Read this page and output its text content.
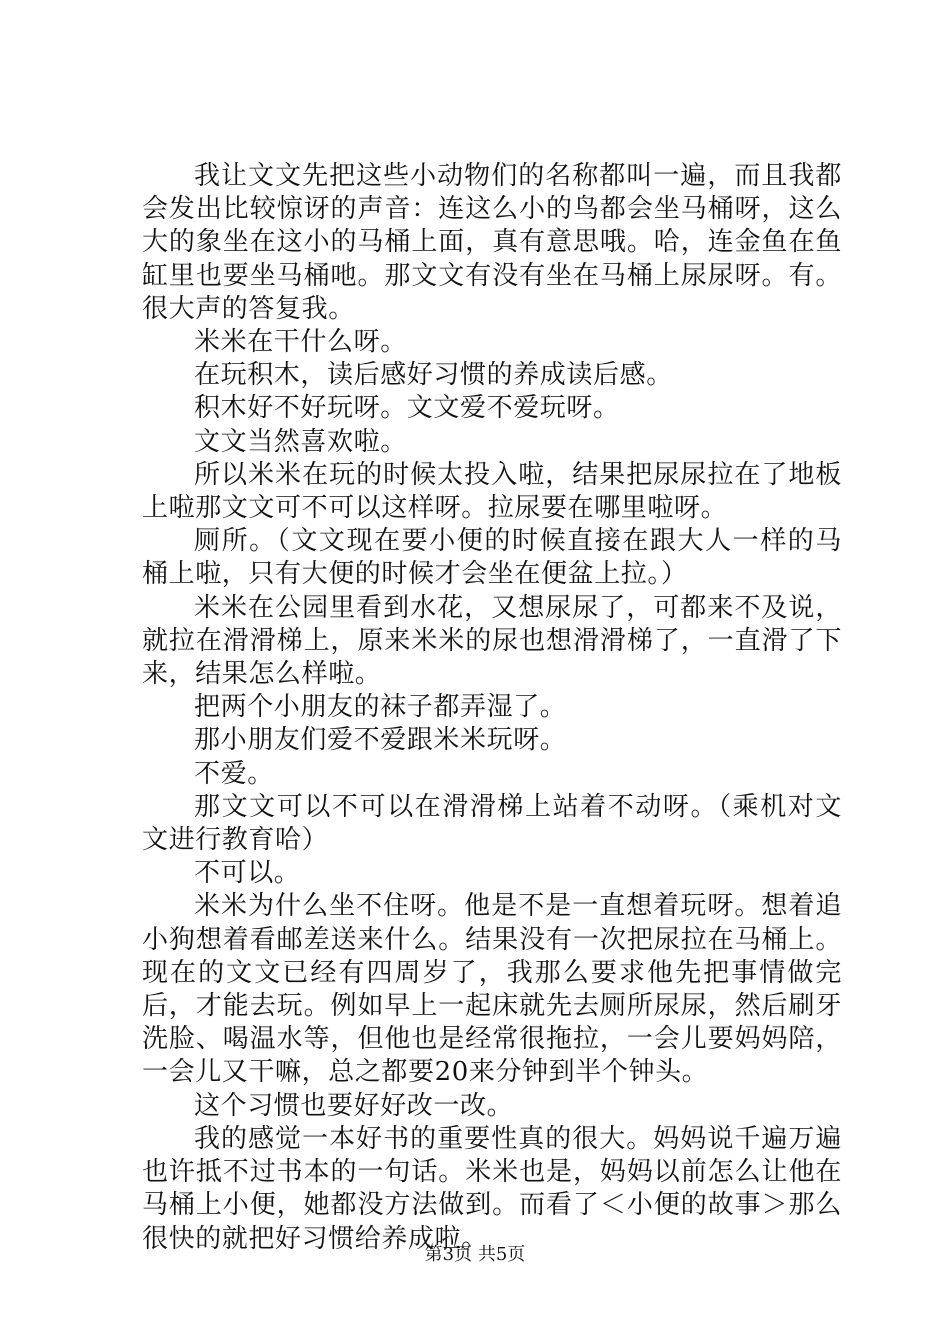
我让文文先把这些小动物们的名称都叫一遍，而且我都会发出比较惊讶的声音：连这么小的鸟都会坐马桶呀，这么大的象坐在这小的马桶上面，真有意思哦。哈，连金鱼在鱼缸里也要坐马桶吔。那文文有没有坐在马桶上尿尿呀。有。很大声的答复我。

米米在干什么呀。

在玩积木，读后感好习惯的养成读后感。

积木好不好玩呀。文文爱不爱玩呀。

文文当然喜欢啦。

所以米米在玩的时候太投入啦，结果把尿尿拉在了地板上啦那文文可不可以这样呀。拉尿要在哪里啦呀。

厕所。（文文现在要小便的时候直接在跟大人一样的马桶上啦，只有大便的时候才会坐在便盆上拉。）

米米在公园里看到水花，又想尿尿了，可都来不及说，就拉在滑滑梯上，原来米米的尿也想滑滑梯了，一直滑了下来，结果怎么样啦。

把两个小朋友的袜子都弄湿了。

那小朋友们爱不爱跟米米玩呀。

不爱。

那文文可以不可以在滑滑梯上站着不动呀。（乘机对文文进行教育哈）

不可以。

米米为什么坐不住呀。他是不是一直想着玩呀。想着追小狗想着看邮差送来什么。结果没有一次把尿拉在马桶上。现在的文文已经有四周岁了，我那么要求他先把事情做完后，才能去玩。例如早上一起床就先去厕所尿尿，然后刷牙洗脸、喝温水等，但他也是经常很拖拉，一会儿要妈妈陪，一会儿又干嘛，总之都要20来分钟到半个钟头。

这个习惯也要好好改一改。

我的感觉一本好书的重要性真的很大。妈妈说千遍万遍也许抵不过书本的一句话。米米也是，妈妈以前怎么让他在马桶上小便，她都没方法做到。而看了＜小便的故事＞那么很快的就把好习惯给养成啦。

第3页 共5页
